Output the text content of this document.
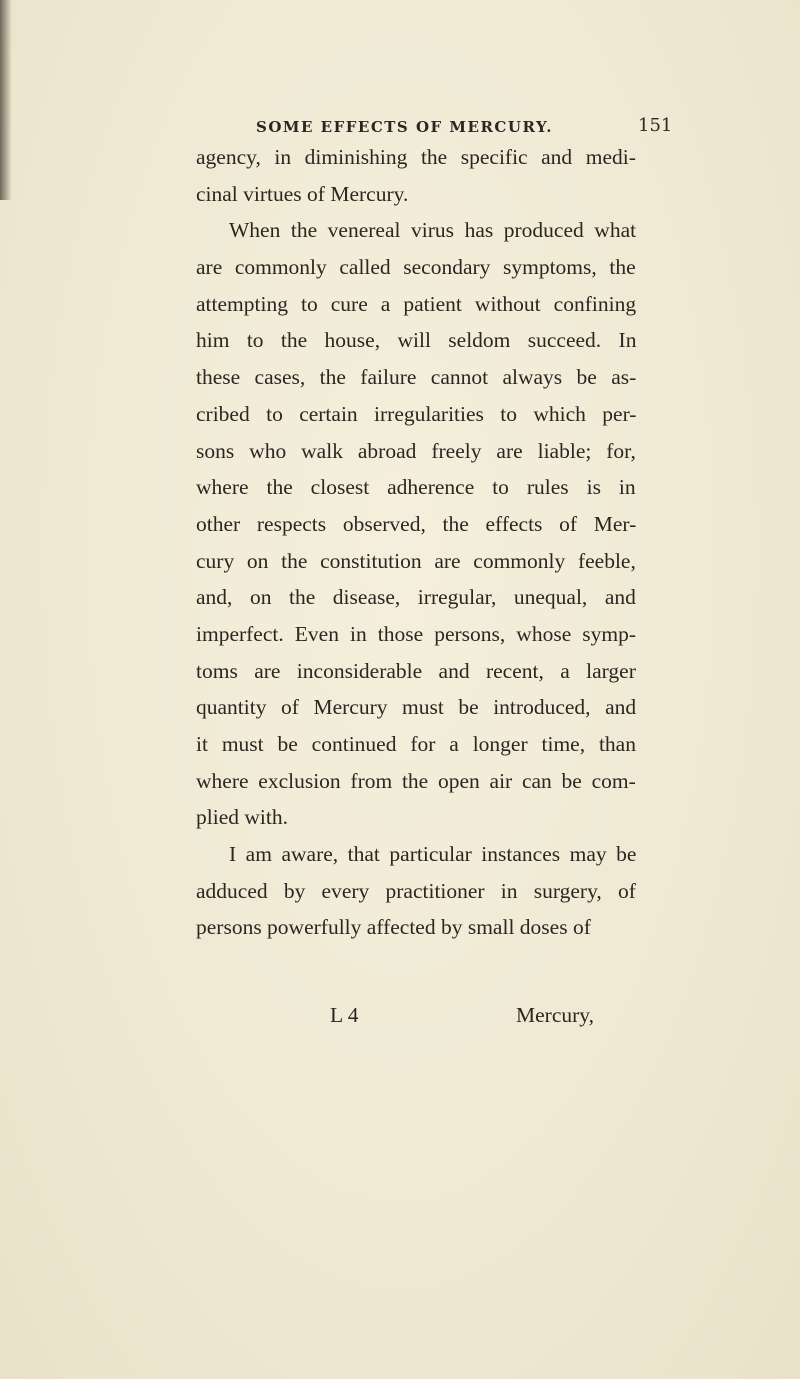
SOME EFFECTS OF MERCURY.	151
agency, in diminishing the specific and medi-
cinal virtues of Mercury.
When the venereal virus has produced what
are commonly called secondary symptoms, the
attempting to cure a patient without confining
him to the house, will seldom succeed. In
these cases, the failure cannot always be as-
cribed to certain irregularities to which per-
sons who walk abroad freely are liable; for,
where the closest adherence to rules is in
other respects observed, the effects of Mer-
cury on the constitution are commonly feeble,
and, on the disease, irregular, unequal, and
imperfect. Even in those persons, whose symp-
toms are inconsiderable and recent, a larger
quantity of Mercury must be introduced, and
it must be continued for a longer time, than
where exclusion from the open air can be com-
plied with.
I am aware, that particular instances may be
adduced by every practitioner in surgery, of
persons powerfully affected by small doses of
L 4	Mercury,
